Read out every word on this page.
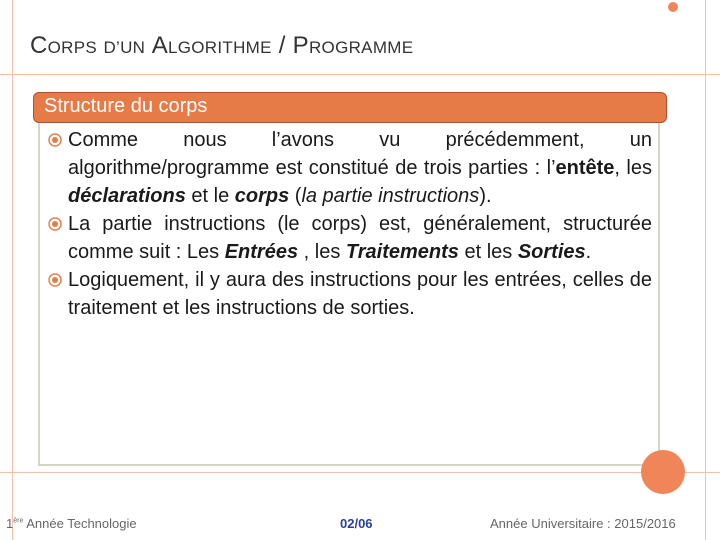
CORPS D’UN ALGORITHME / PROGRAMME
Structure du corps
Comme nous l’avons vu précédemment, un algorithme/programme est constitué de trois parties : l’entête, les déclarations et le corps (la partie instructions).
La partie instructions (le corps) est, généralement, structurée comme suit : Les Entrées , les Traitements et les Sorties.
Logiquement, il y aura des instructions pour les entrées, celles de traitement et les instructions de sorties.
1ère Année Technologie	02/06	Année Universitaire : 2015/2016
